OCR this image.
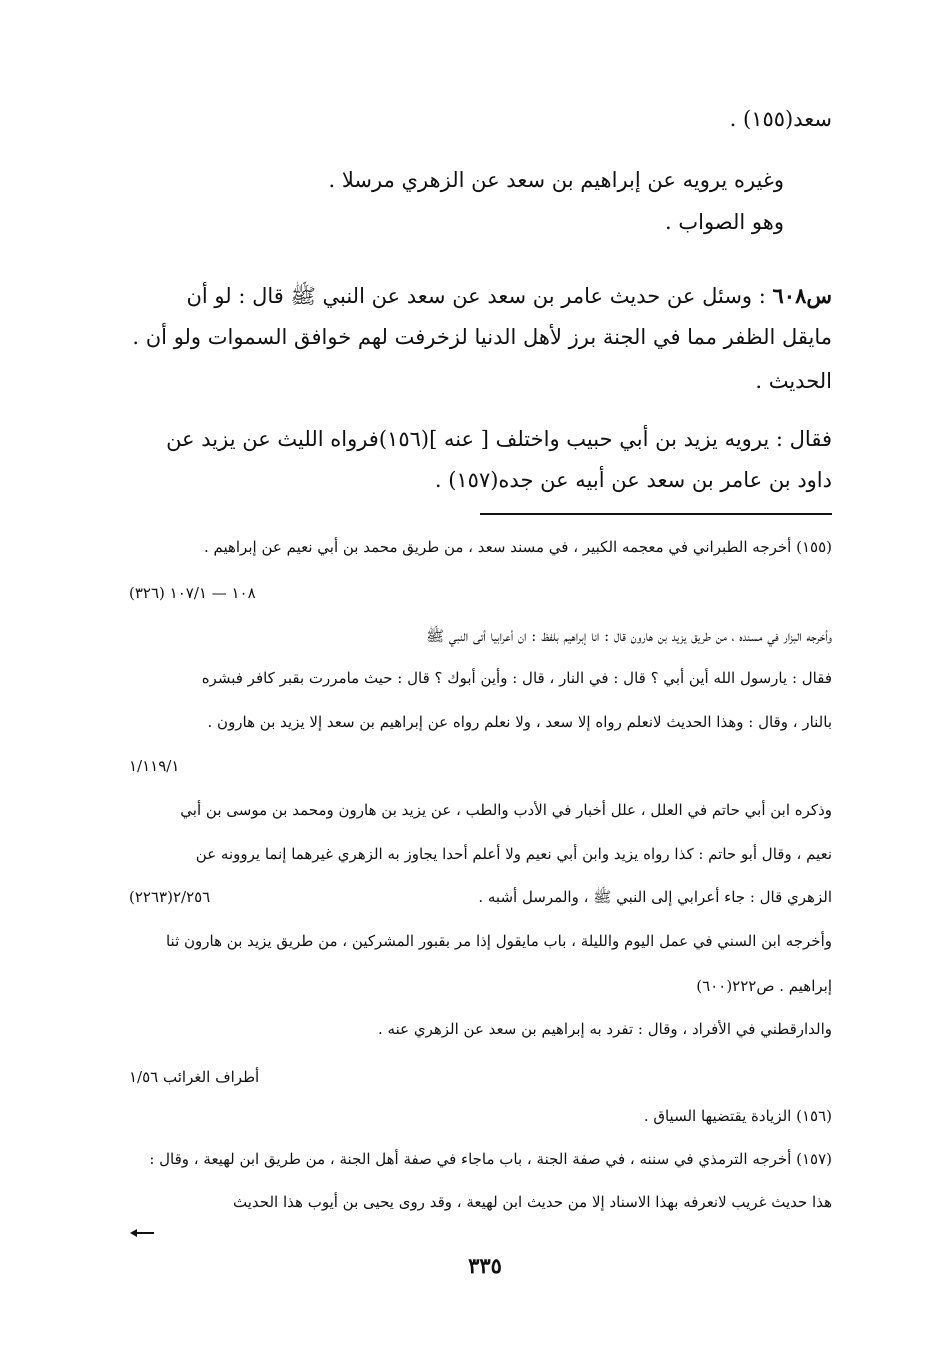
سعد(١٥٥) .
وغيره يرويه عن إبراهيم بن سعد عن الزهري مرسلا .
وهو الصواب .
س٦٠٨ : وسئل عن حديث عامر بن سعد عن سعد عن النبي ﷺ قال : لو أن
مايقل الظفر مما في الجنة برز لأهل الدنيا لزخرفت لهم خوافق السموات ولو أن .
الحديث .
فقال : يرويه يزيد بن أبي حبيب واختلف [ عنه ](١٥٦)فرواه الليث عن يزيد عن
داود بن عامر بن سعد عن أبيه عن جده(١٥٧) .
(١٥٥) أخرجه الطبراني في معجمه الكبير ، في مسند سعد ، من طريق محمد بن أبي نعيم عن إبراهيم .
١٠٨ — ١٠٧/١ (٣٢٦)
وأخرجه البزار في مسنده ، من طريق يزيد بن هارون قال : انا إبراهيم بلفظ : ان أعرابيا أتى النبي ﷺ
فقال : يارسول الله أين أبي ؟ قال : في النار ، قال : وأين أبوك ؟ قال : حيث مامررت بقبر كافر فبشره
بالنار ، وقال : وهذا الحديث لانعلم رواه إلا سعد ، ولا نعلم رواه عن إبراهيم بن سعد إلا يزيد بن هارون .
١/١١٩/١
وذكره ابن أبي حاتم في العلل ، علل أخبار في الأدب والطب ، عن يزيد بن هارون ومحمد بن موسى بن أبي
نعيم ، وقال أبو حاتم : كذا رواه يزيد وابن أبي نعيم ولا أعلم أحدا يجاوز به الزهري غيرهما إنما يروونه عن
الزهري قال : جاء أعرابي إلى النبي ﷺ ، والمرسل أشبه .
٢/٢٥٦(٢٢٦٣)
وأخرجه ابن السني في عمل اليوم والليلة ، باب مايقول إذا مر بقبور المشركين ، من طريق يزيد بن هارون ثنا
إبراهيم . ص٢٢٢(٦٠٠)
والدارقطني في الأفراد ، وقال : تفرد به إبراهيم بن سعد عن الزهري عنه .
أطراف الغرائب ١/٥٦
(١٥٦) الزيادة يقتضيها السياق .
(١٥٧) أخرجه الترمذي في سننه ، في صفة الجنة ، باب ماجاء في صفة أهل الجنة ، من طريق ابن لهيعة ، وقال :
هذا حديث غريب لانعرفه بهذا الاسناد إلا من حديث ابن لهيعة ، وقد روى يحيى بن أيوب هذا الحديث
٣٣٥
